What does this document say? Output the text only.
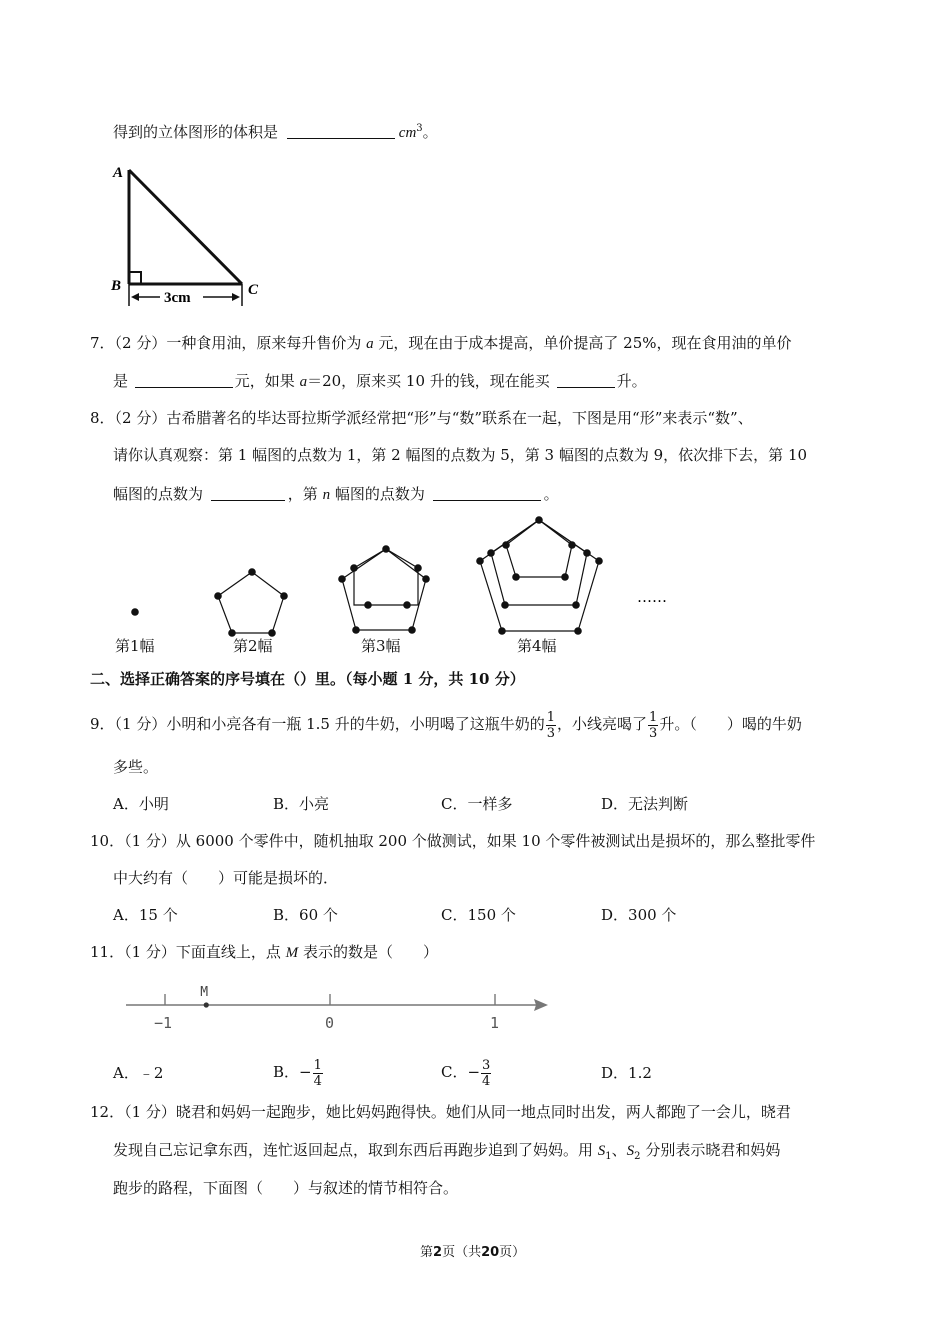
得到的立体图形的体积是	$cm^3$。
A
B	C
3cm
7．（2 分）一种食用油，原来每升售价为 a 元，现在由于成本提高，单价提高了 25%，现在食用油的单价
是	元，如果 a＝20，原来买 10 升的钱，现在能买	升。
8．（2 分）古希腊著名的毕达哥拉斯学派经常把“形”与“数”联系在一起，下图是用“形”来表示“数”、
请你认真观察：第 1 幅图的点数为 1，第 2 幅图的点数为 5，第 3 幅图的点数为 9，依次排下去，第 10
幅图的点数为	，第 n 幅图的点数为	。
……
第1幅	第2幅	第3幅	第4幅
二、选择正确答案的序号填在（）里。（每小题 1 分，共 10 分）
9．（1 分）小明和小亮各有一瓶 1.5 升的牛奶，小明喝了这瓶牛奶的 $\frac{1}{3}$ ，小线亮喝了 $\frac{1}{3}$ 升。（　　）喝的牛奶
多些。
A．小明	B．小亮	C．一样多	D．无法判断
10．（1 分）从 6000 个零件中，随机抽取 200 个做测试，如果 10 个零件被测试出是损坏的，那么整批零件
中大约有（　　）可能是损坏的．
A．15 个	B．60 个	C．150 个	D．300 个
11．（1 分）下面直线上，点 M 表示的数是（　　）
M
−1	0	1
A．﹣2	B．− $\frac{1}{4}$	C．− $\frac{3}{4}$	D．1.2
12．（1 分）晓君和妈妈一起跑步，她比妈妈跑得快。她们从同一地点同时出发，两人都跑了一会儿，晓君
发现自己忘记拿东西，连忙返回起点，取到东西后再跑步追到了妈妈。用 $S_1$、$S_2$ 分别表示晓君和妈妈
跑步的路程，下面图（　　）与叙述的情节相符合。
第2页（共20页）
